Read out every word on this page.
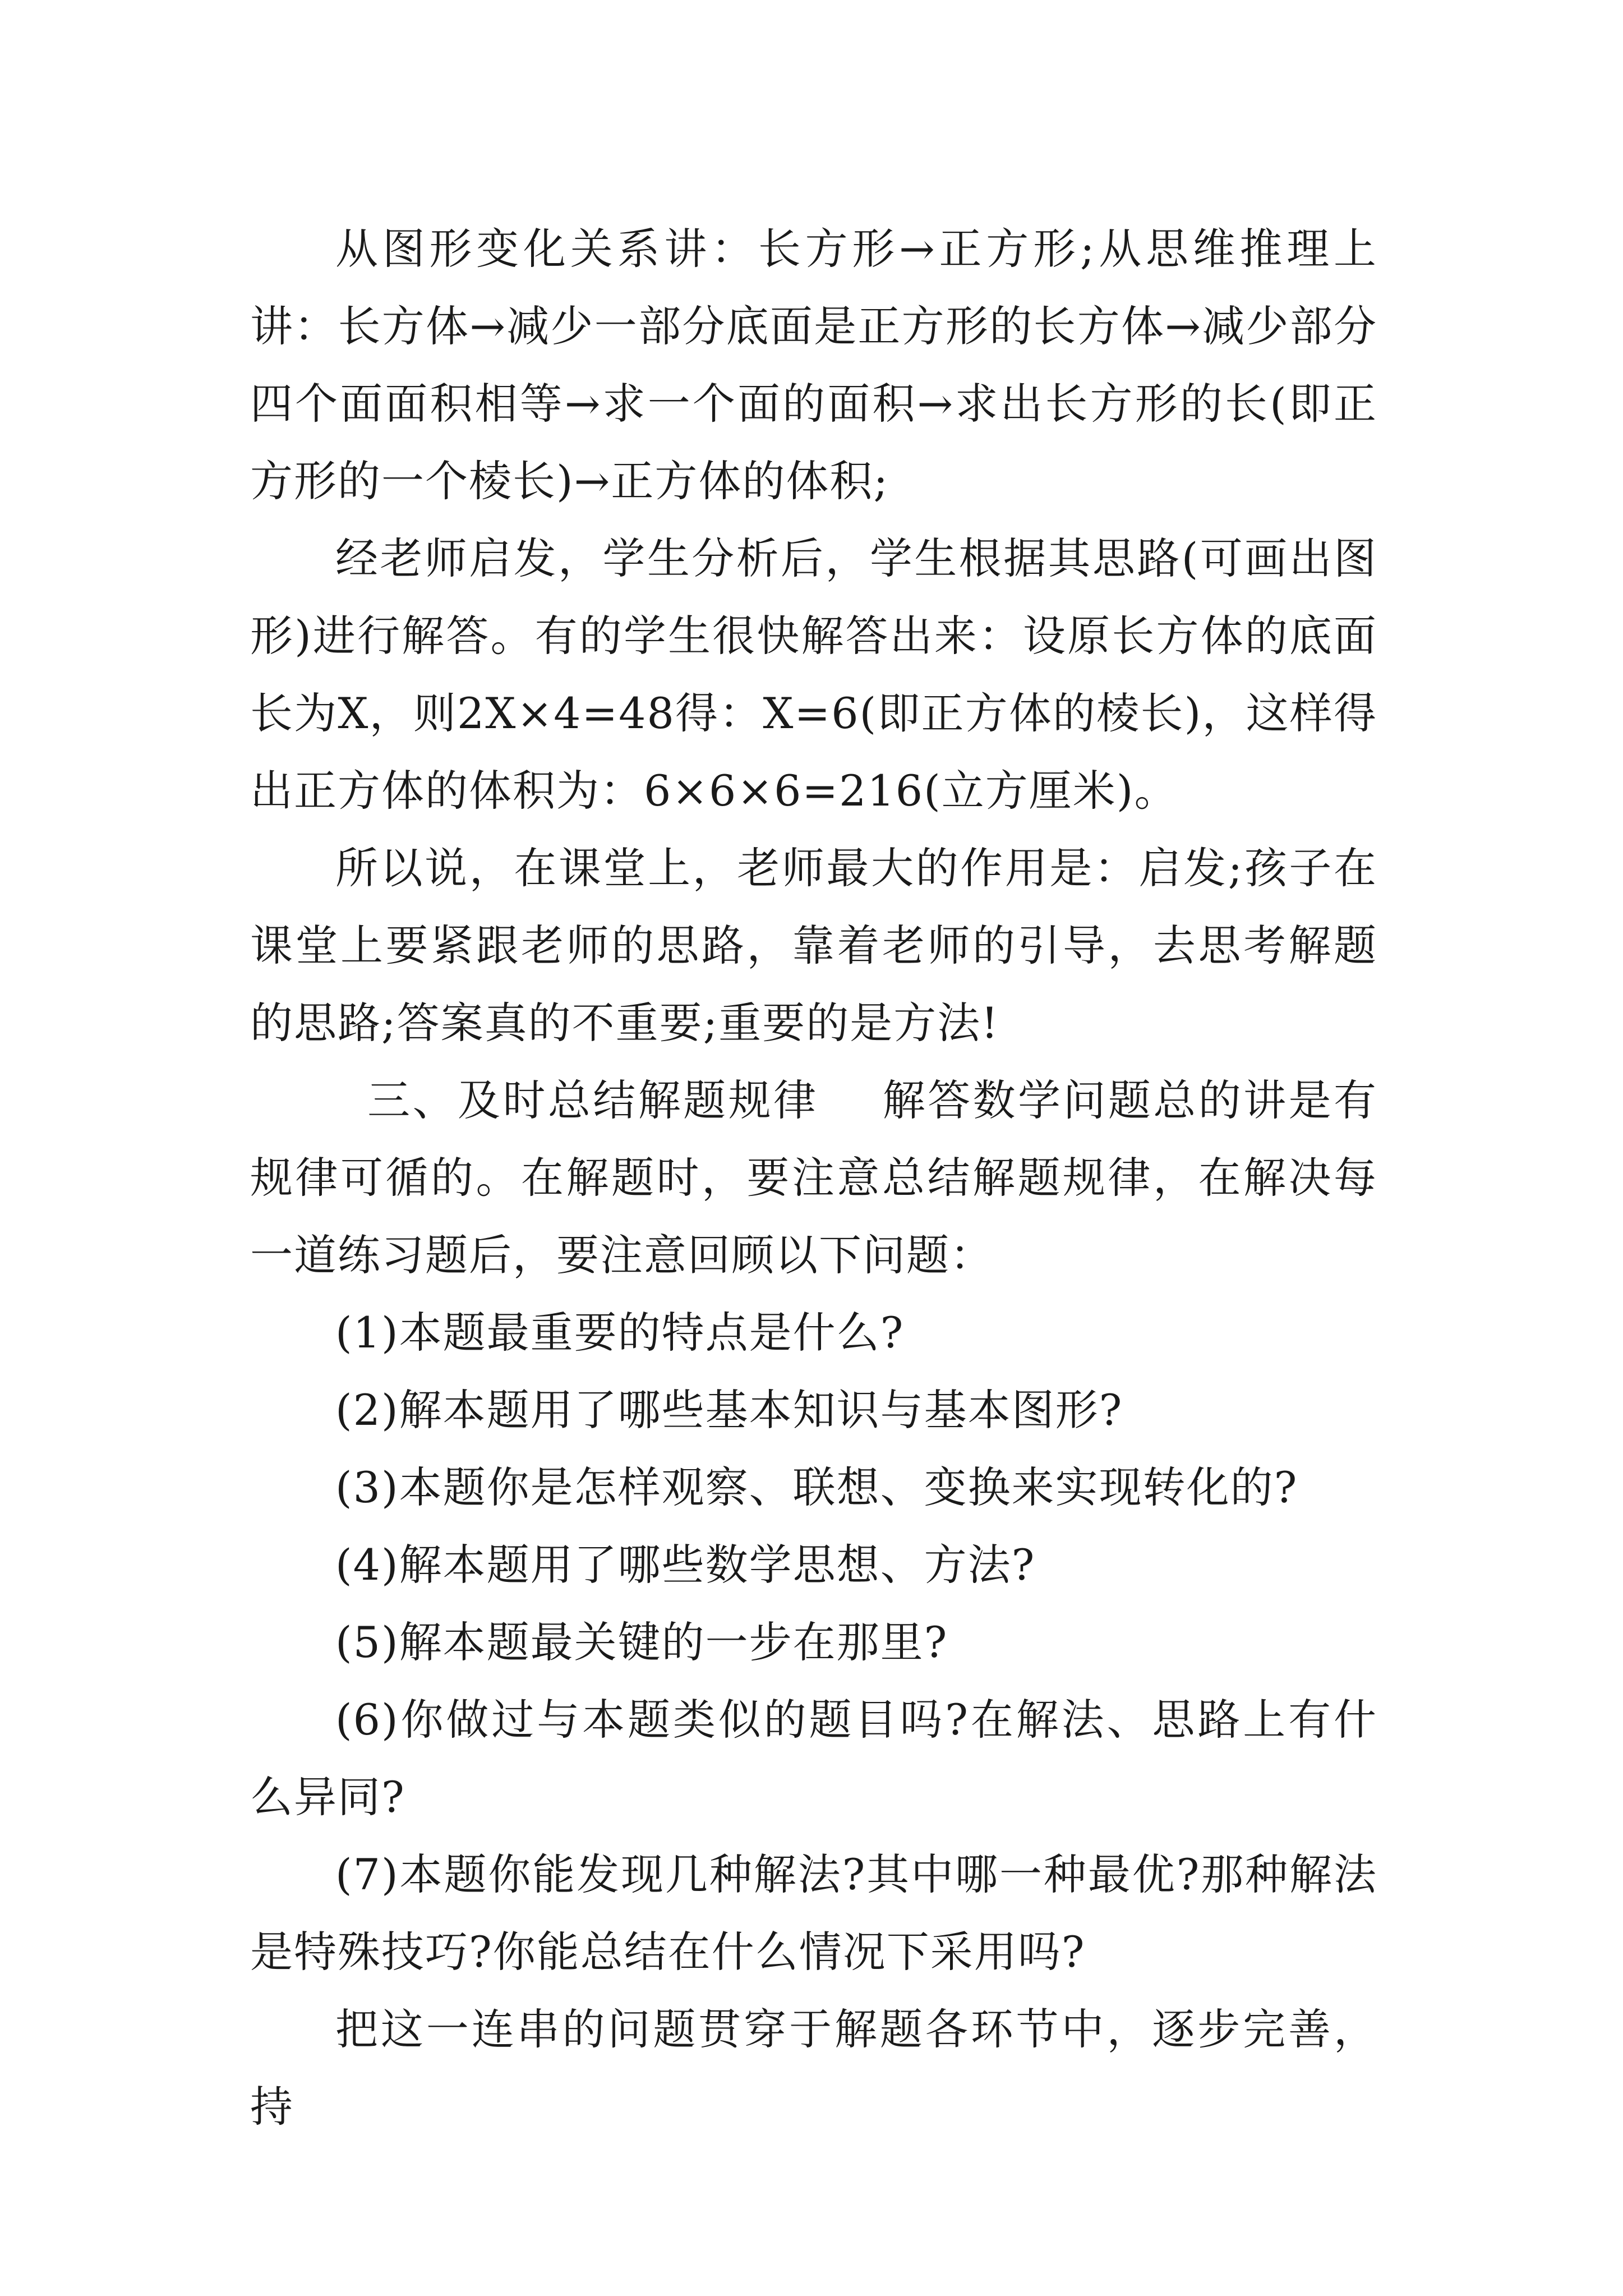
从图形变化关系讲：长方形→正方形;从思维推理上讲：长方体→减少一部分底面是正方形的长方体→减少部分四个面面积相等→求一个面的面积→求出长方形的长(即正方形的一个棱长)→正方体的体积;

经老师启发，学生分析后，学生根据其思路(可画出图形)进行解答。有的学生很快解答出来：设原长方体的底面长为X，则2X×4=48得：X=6(即正方体的棱长)，这样得出正方体的体积为：6×6×6=216(立方厘米)。

所以说，在课堂上，老师最大的作用是：启发;孩子在课堂上要紧跟老师的思路，靠着老师的引导，去思考解题的思路;答案真的不重要;重要的是方法!

三、及时总结解题规律    解答数学问题总的讲是有规律可循的。在解题时，要注意总结解题规律，在解决每一道练习题后，要注意回顾以下问题：

(1)本题最重要的特点是什么?

(2)解本题用了哪些基本知识与基本图形?

(3)本题你是怎样观察、联想、变换来实现转化的?

(4)解本题用了哪些数学思想、方法?

(5)解本题最关键的一步在那里?

(6)你做过与本题类似的题目吗?在解法、思路上有什么异同?

(7)本题你能发现几种解法?其中哪一种最优?那种解法是特殊技巧?你能总结在什么情况下采用吗?

把这一连串的问题贯穿于解题各环节中，逐步完善，持
